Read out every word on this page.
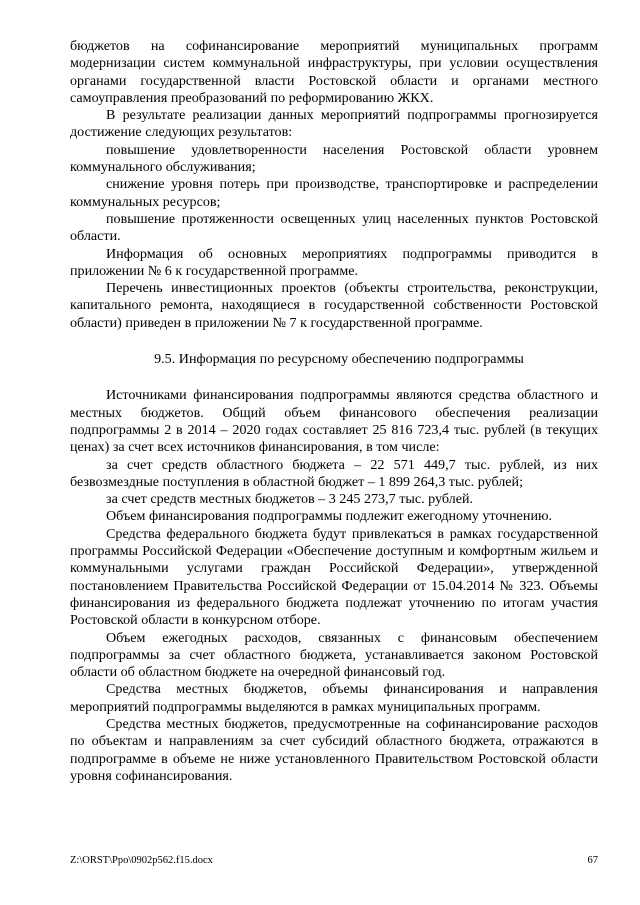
бюджетов на софинансирование мероприятий муниципальных программ модернизации систем коммунальной инфраструктуры, при условии осуществления органами государственной власти Ростовской области и органами местного самоуправления преобразований по реформированию ЖКХ.

В результате реализации данных мероприятий подпрограммы прогнозируется достижение следующих результатов:

повышение удовлетворенности населения Ростовской области уровнем коммунального обслуживания;

снижение уровня потерь при производстве, транспортировке и распределении коммунальных ресурсов;

повышение протяженности освещенных улиц населенных пунктов Ростовской области.

Информация об основных мероприятиях подпрограммы приводится в приложении № 6 к государственной программе.

Перечень инвестиционных проектов (объекты строительства, реконструкции, капитального ремонта, находящиеся в государственной собственности Ростовской области) приведен в приложении № 7 к государственной программе.

9.5. Информация по ресурсному обеспечению подпрограммы

Источниками финансирования подпрограммы являются средства областного и местных бюджетов. Общий объем финансового обеспечения реализации подпрограммы 2 в 2014 – 2020 годах составляет 25 816 723,4 тыс. рублей (в текущих ценах) за счет всех источников финансирования, в том числе:

за счет средств областного бюджета – 22 571 449,7 тыс. рублей, из них безвозмездные поступления в областной бюджет – 1 899 264,3 тыс. рублей;

за счет средств местных бюджетов – 3 245 273,7 тыс. рублей.

Объем финансирования подпрограммы подлежит ежегодному уточнению.

Средства федерального бюджета будут привлекаться в рамках государственной программы Российской Федерации «Обеспечение доступным и комфортным жильем и коммунальными услугами граждан Российской Федерации», утвержденной постановлением Правительства Российской Федерации от 15.04.2014 № 323. Объемы финансирования из федерального бюджета подлежат уточнению по итогам участия Ростовской области в конкурсном отборе.

Объем ежегодных расходов, связанных с финансовым обеспечением подпрограммы за счет областного бюджета, устанавливается законом Ростовской области об областном бюджете на очередной финансовый год.

Средства местных бюджетов, объемы финансирования и направления мероприятий подпрограммы выделяются в рамках муниципальных программ.

Средства местных бюджетов, предусмотренные на софинансирование расходов по объектам и направлениям за счет субсидий областного бюджета, отражаются в подпрограмме в объеме не ниже установленного Правительством Ростовской области уровня софинансирования.

Z:\ORST\Ppo\0902p562.f15.docx	67
